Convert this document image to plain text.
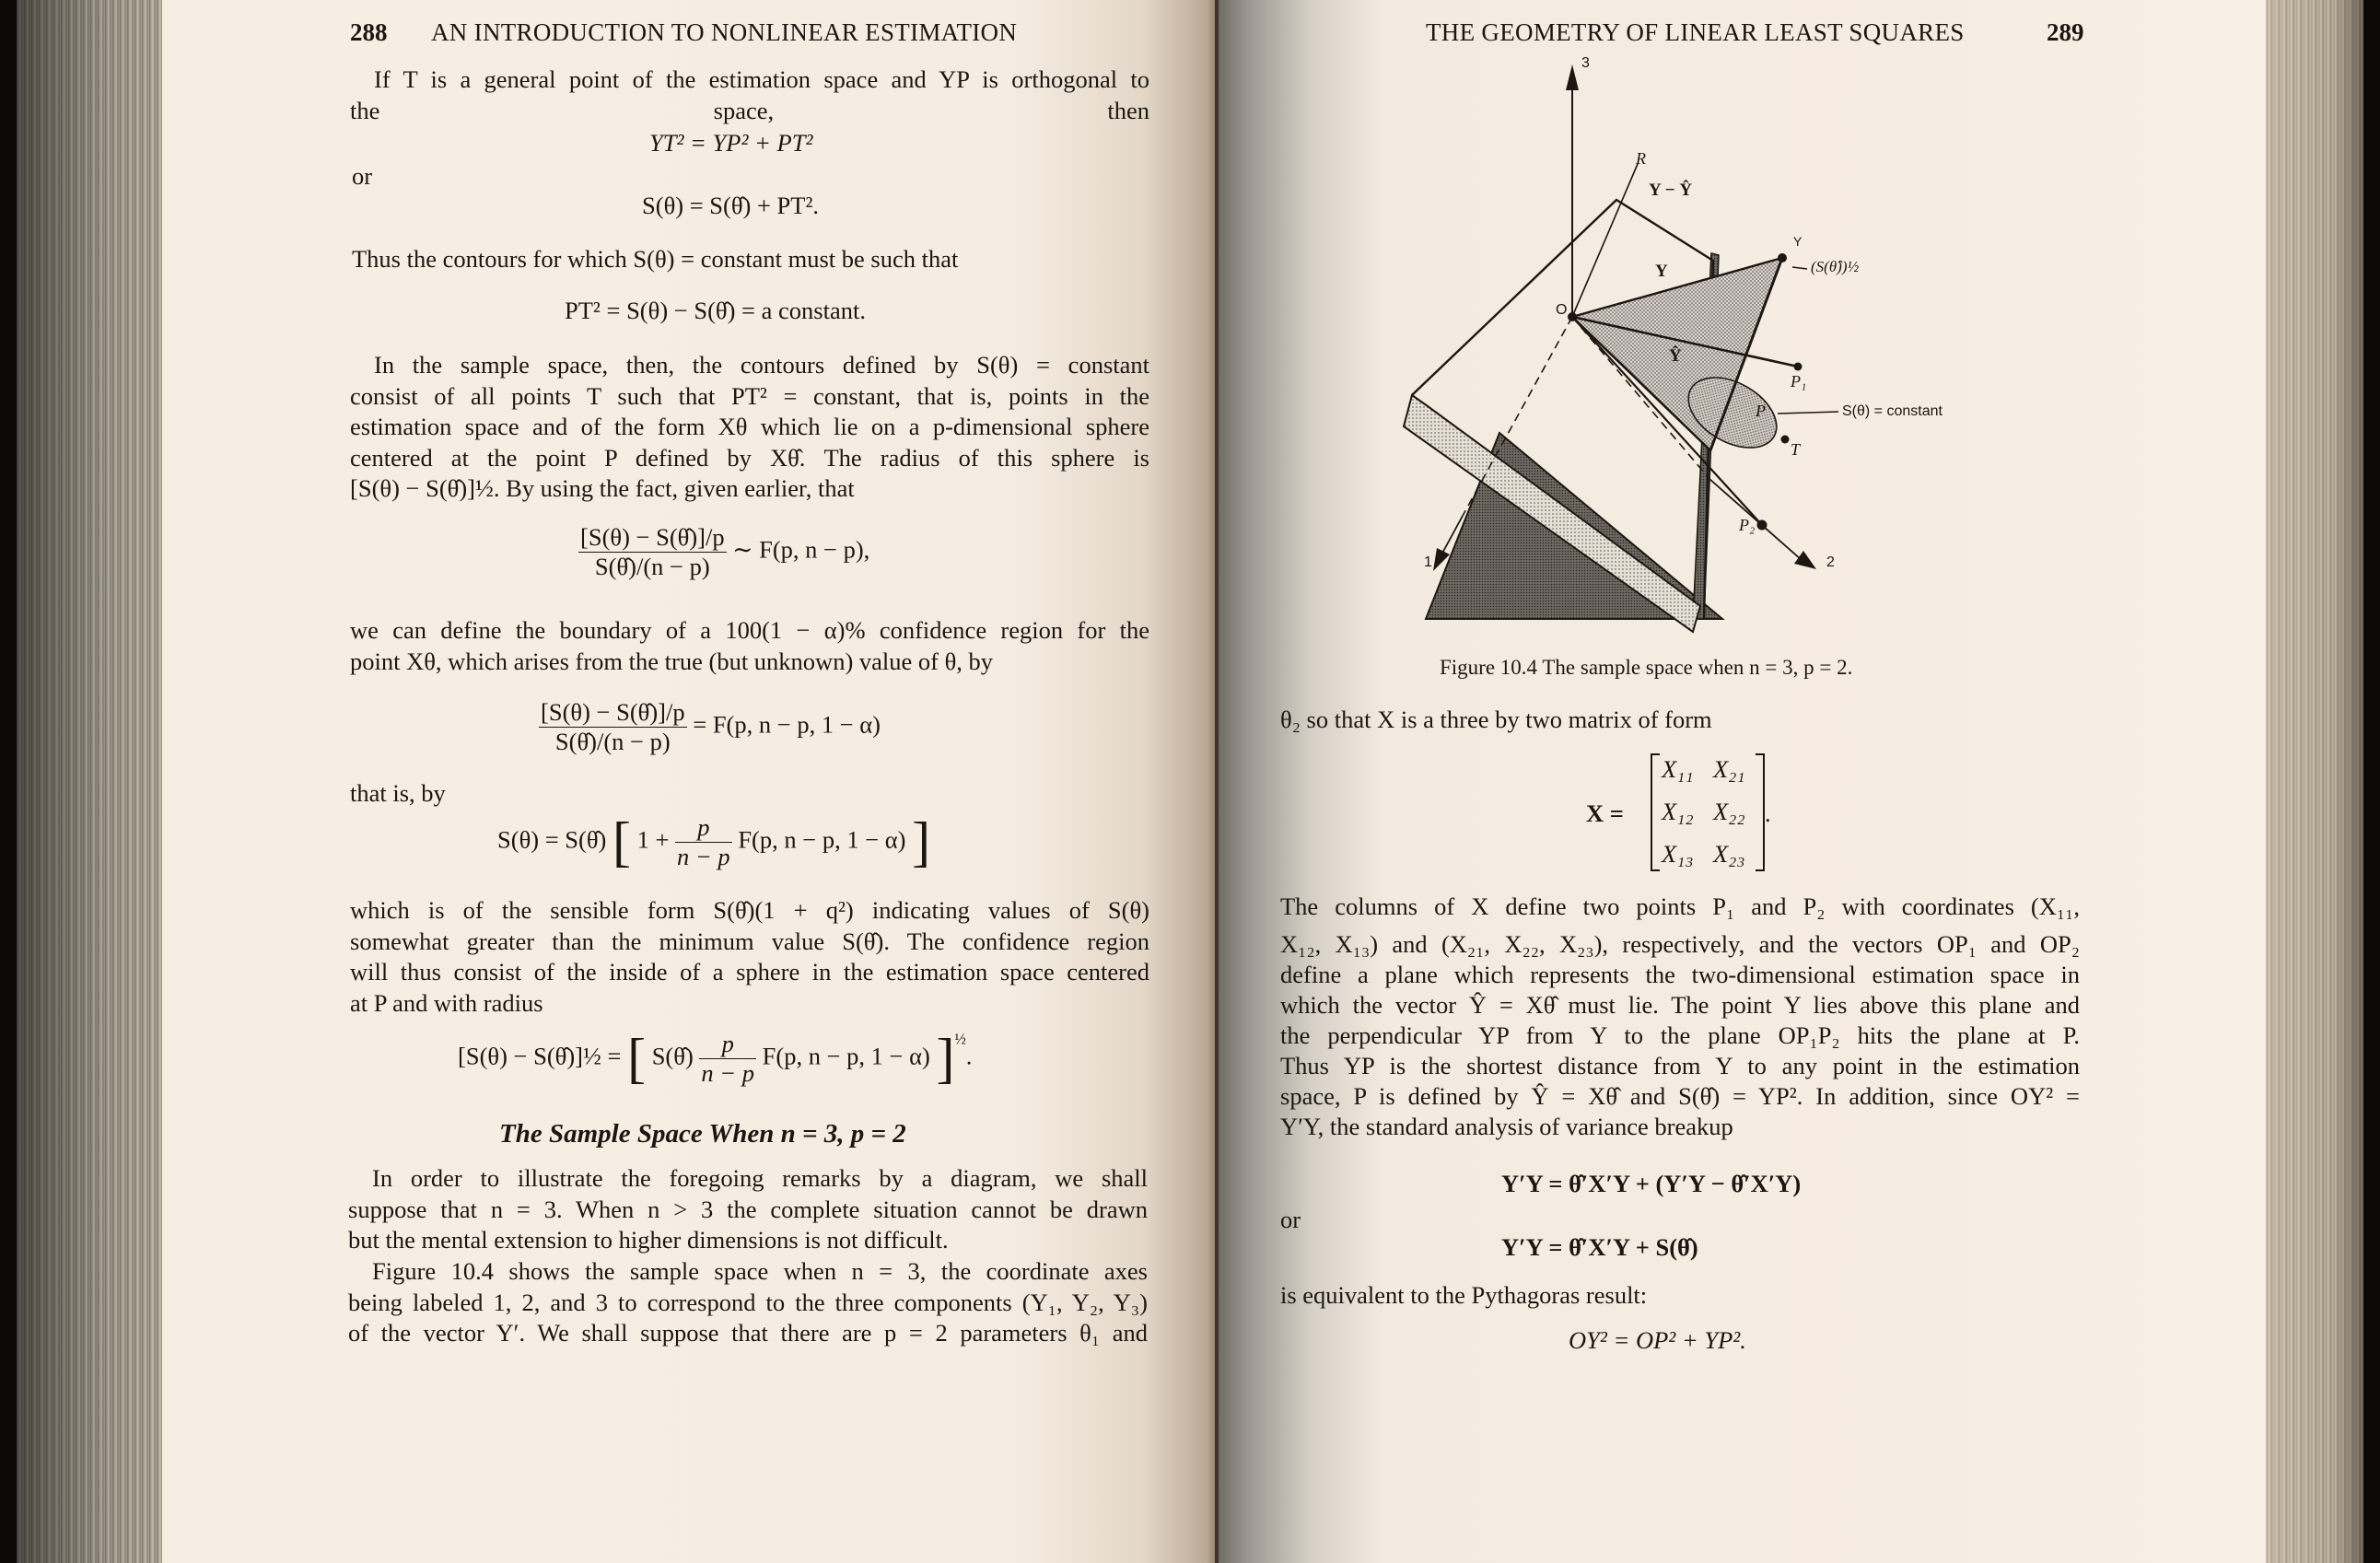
288 AN INTRODUCTION TO NONLINEAR ESTIMATION
If T is a general point of the estimation space and YP is orthogonal to
the space, then
YT² = YP² + PT²
or
S(θ) = S(θ̂) + PT².
Thus the contours for which S(θ) = constant must be such that
PT² = S(θ) − S(θ̂) = a constant.
In the sample space, then, the contours defined by S(θ) = constant
consist of all points T such that PT² = constant, that is, points in the
estimation space and of the form Xθ which lie on a p-dimensional sphere
centered at the point P defined by Xθ̂. The radius of this sphere is
[S(θ) − S(θ̂)]½. By using the fact, given earlier, that
$\frac{[S(\theta) - S(\thetâ)]/p}{S(\thetâ)/(n - p)}$ ∼ F(p, n − p),
we can define the boundary of a 100(1 − α)% confidence region for the
point Xθ, which arises from the true (but unknown) value of θ, by
$\frac{[S(\theta) - S(\thetâ)]/p}{S(\thetâ)/(n - p)} = F(p$, n − p, 1 − α)
that is, by
S(θ) = S(θ̂) [ $1 + \frac{p}{n - p} F(p$, n − p, 1 − α) ]
which is of the sensible form S(θ̂)(1 + q²) indicating values of S(θ)
somewhat greater than the minimum value S(θ̂). The confidence region
will thus consist of the inside of a sphere in the estimation space centered
at P and with radius
[S(θ) − S(θ̂)]½ = [ S(θ̂) $\frac{p}{n - p} F(p$, n − p, 1 − α) ]$^{\frac{1}{2}}$.
The Sample Space When n = 3, p = 2
In order to illustrate the foregoing remarks by a diagram, we shall
suppose that n = 3. When n > 3 the complete situation cannot be drawn
but the mental extension to higher dimensions is not difficult.
Figure 10.4 shows the sample space when n = 3, the coordinate axes
being labeled 1, 2, and 3 to correspond to the three components (Y₁, Y₂, Y₃)
of the vector Y′. We shall suppose that there are p = 2 parameters θ₁ and
THE GEOMETRY OF LINEAR LEAST SQUARES	289
3
1	2
O
R
Y − Ŷ
Y
Y
(S(θ̂))½
Ŷ
P₁
P
T
P₂
S(θ) = constant
Figure 10.4 The sample space when n = 3, p = 2.
θ₂ so that X is a three by two matrix of form
X =
X₁₁ X₂₁
X₁₂ X₂₂
X₁₃ X₂₃
.
The columns of X define two points P₁ and P₂ with coordinates (X₁₁,
X₁₂, X₁₃) and (X₂₁, X₂₂, X₂₃), respectively, and the vectors OP₁ and OP₂
define a plane which represents the two-dimensional estimation space in
which the vector Ŷ = Xθ̂ must lie. The point Y lies above this plane and
the perpendicular YP from Y to the plane OP₁P₂ hits the plane at P.
Thus YP is the shortest distance from Y to any point in the estimation
space, P is defined by Ŷ = Xθ̂ and S(θ̂) = YP². In addition, since OY² =
Y′Y, the standard analysis of variance breakup
Y′Y = θ̂′X′Y + (Y′Y − θ̂′X′Y)
or
Y′Y = θ̂′X′Y + S(θ̂)
is equivalent to the Pythagoras result:
OY² = OP² + YP².
